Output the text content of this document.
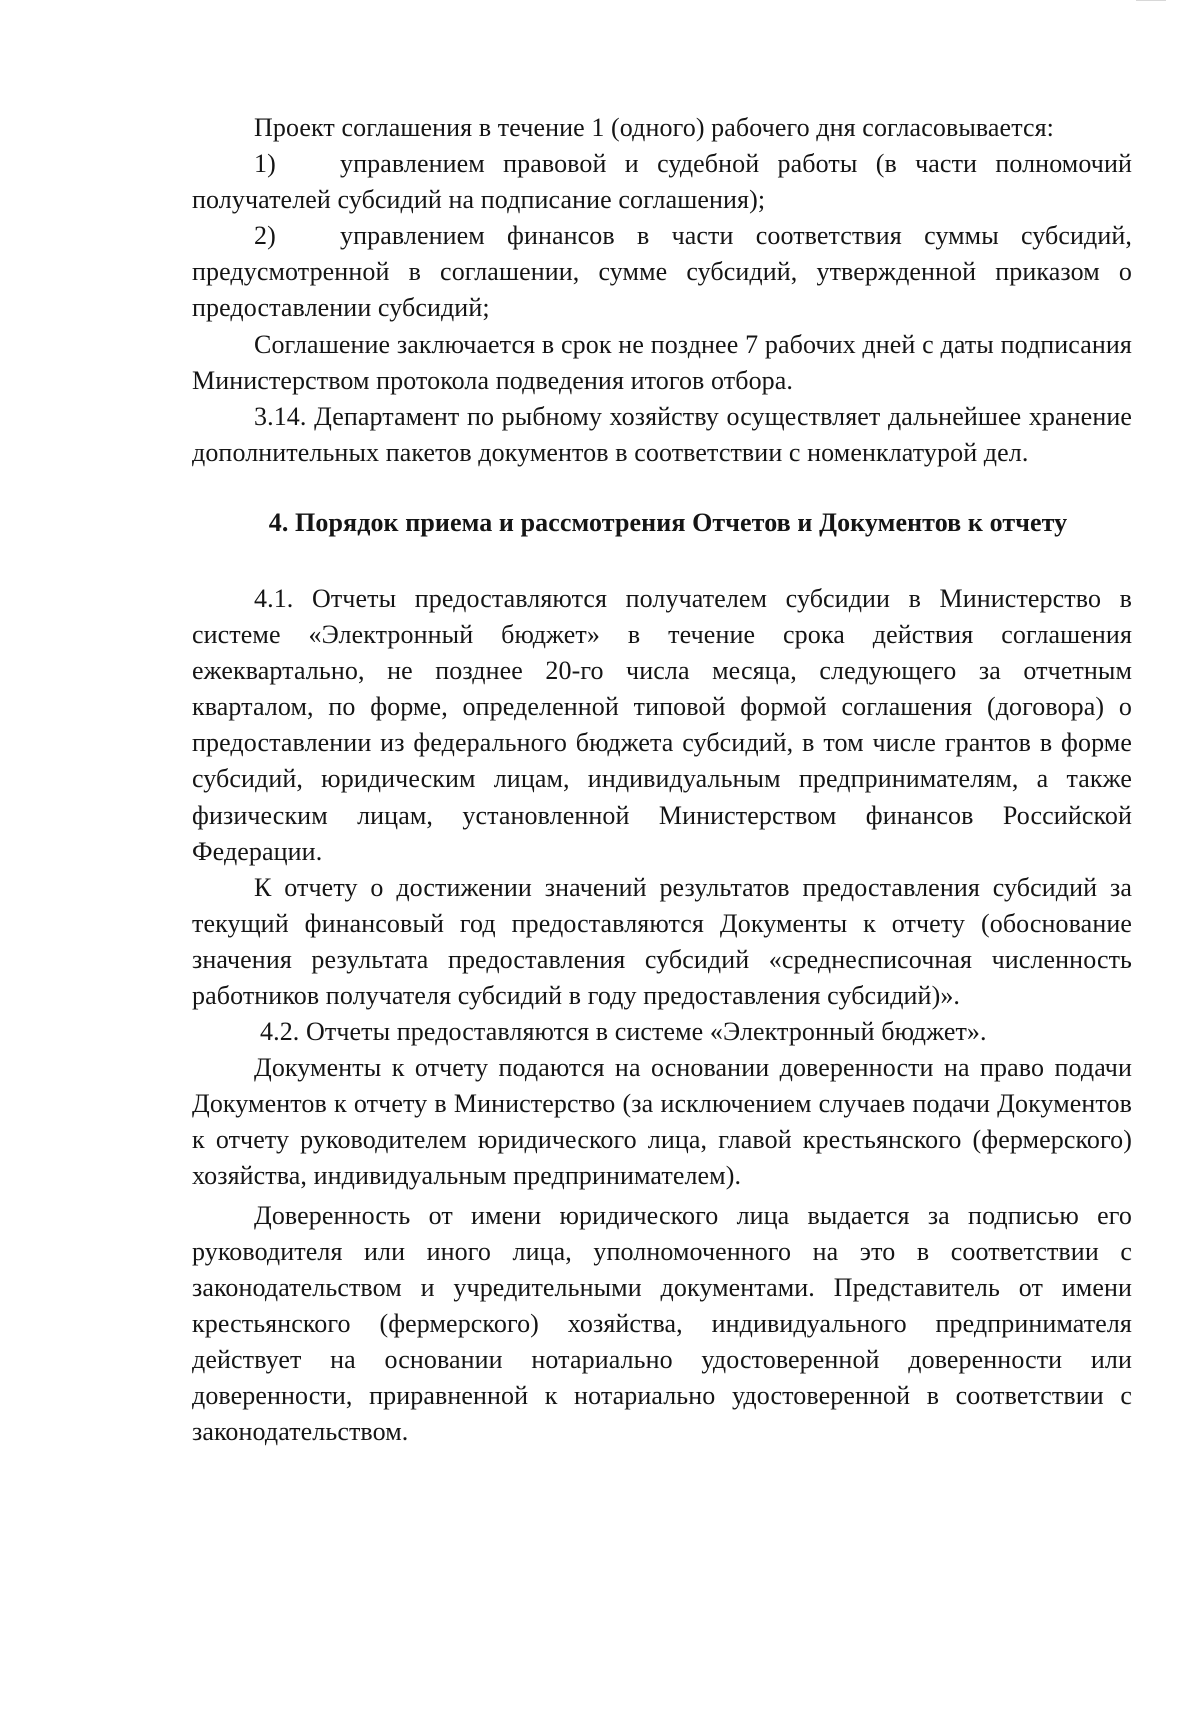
Проект соглашения в течение 1 (одного) рабочего дня согласовывается:

1) управлением правовой и судебной работы (в части полномочий получателей субсидий на подписание соглашения);

2) управлением финансов в части соответствия суммы субсидий, предусмотренной в соглашении, сумме субсидий, утвержденной приказом о предоставлении субсидий;

Соглашение заключается в срок не позднее 7 рабочих дней с даты подписания Министерством протокола подведения итогов отбора.

3.14. Департамент по рыбному хозяйству осуществляет дальнейшее хранение дополнительных пакетов документов в соответствии с номенклатурой дел.

4. Порядок приема и рассмотрения Отчетов и Документов к отчету

4.1. Отчеты предоставляются получателем субсидии в Министерство в системе «Электронный бюджет» в течение срока действия соглашения ежеквартально, не позднее 20-го числа месяца, следующего за отчетным кварталом, по форме, определенной типовой формой соглашения (договора) о предоставлении из федерального бюджета субсидий, в том числе грантов в форме субсидий, юридическим лицам, индивидуальным предпринимателям, а также физическим лицам, установленной Министерством финансов Российской Федерации.

К отчету о достижении значений результатов предоставления субсидий за текущий финансовый год предоставляются Документы к отчету (обоснование значения результата предоставления субсидий «среднесписочная численность работников получателя субсидий в году предоставления субсидий)».

4.2. Отчеты предоставляются в системе «Электронный бюджет».

Документы к отчету подаются на основании доверенности на право подачи Документов к отчету в Министерство (за исключением случаев подачи Документов к отчету руководителем юридического лица, главой крестьянского (фермерского) хозяйства, индивидуальным предпринимателем).

Доверенность от имени юридического лица выдается за подписью его руководителя или иного лица, уполномоченного на это в соответствии с законодательством и учредительными документами. Представитель от имени крестьянского (фермерского) хозяйства, индивидуального предпринимателя действует на основании нотариально удостоверенной доверенности или доверенности, приравненной к нотариально удостоверенной в соответствии с законодательством.
